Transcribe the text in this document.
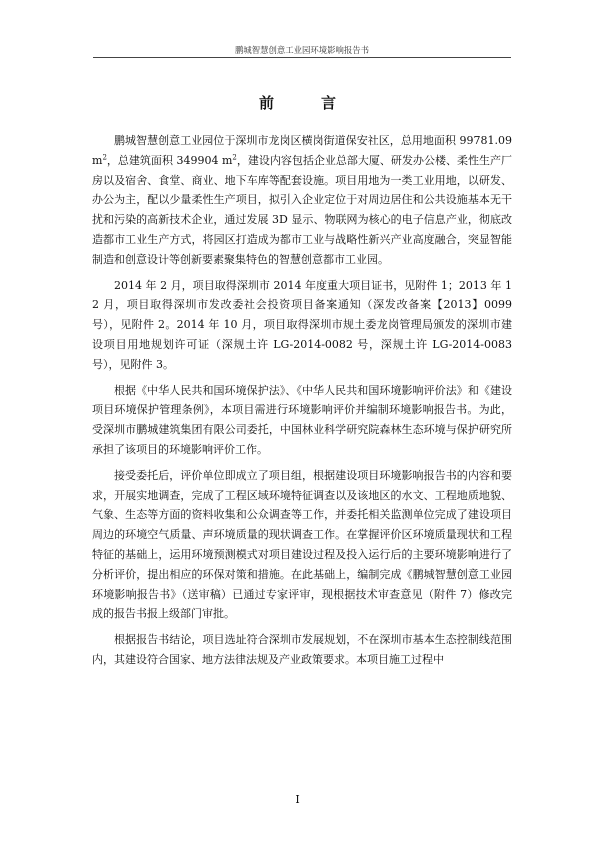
鹏城智慧创意工业园环境影响报告书
前　言

鹏城智慧创意工业园位于深圳市龙岗区横岗街道保安社区，总用地面积 $99781.09m^2$，总建筑面积 349904 $m^2$，建设内容包括企业总部大厦、研发办公楼、柔性生产厂房以及宿舍、食堂、商业、地下车库等配套设施。项目用地为一类工业用地，以研发、办公为主，配以少量柔性生产项目，拟引入企业定位于对周边居住和公共设施基本无干扰和污染的高新技术企业，通过发展 3D 显示、物联网为核心的电子信息产业，彻底改造都市工业生产方式，将园区打造成为都市工业与战略性新兴产业高度融合，突显智能制造和创意设计等创新要素聚集特色的智慧创意都市工业园。

2014 年 2 月，项目取得深圳市 2014 年度重大项目证书，见附件 1；2013 年 12 月，项目取得深圳市发改委社会投资项目备案通知（深发改备案【2013】0099 号），见附件 2。2014 年 10 月，项目取得深圳市规土委龙岗管理局颁发的深圳市建设项目用地规划许可证（深规土许 LG-2014-0082 号，深规土许 LG-2014-0083 号），见附件 3。

根据《中华人民共和国环境保护法》、《中华人民共和国环境影响评价法》和《建设项目环境保护管理条例》，本项目需进行环境影响评价并编制环境影响报告书。为此，受深圳市鹏城建筑集团有限公司委托，中国林业科学研究院森林生态环境与保护研究所承担了该项目的环境影响评价工作。

接受委托后，评价单位即成立了项目组，根据建设项目环境影响报告书的内容和要求，开展实地调查，完成了工程区域环境特征调查以及该地区的水文、工程地质地貌、气象、生态等方面的资料收集和公众调查等工作，并委托相关监测单位完成了建设项目周边的环境空气质量、声环境质量的现状调查工作。在掌握评价区环境质量现状和工程特征的基础上，运用环境预测模式对项目建设过程及投入运行后的主要环境影响进行了分析评价，提出相应的环保对策和措施。在此基础上，编制完成《鹏城智慧创意工业园环境影响报告书》（送审稿）已通过专家评审，现根据技术审查意见（附件 7）修改完成的报告书报上级部门审批。

根据报告书结论，项目选址符合深圳市发展规划，不在深圳市基本生态控制线范围内，其建设符合国家、地方法律法规及产业政策要求。本项目施工过程中

I
